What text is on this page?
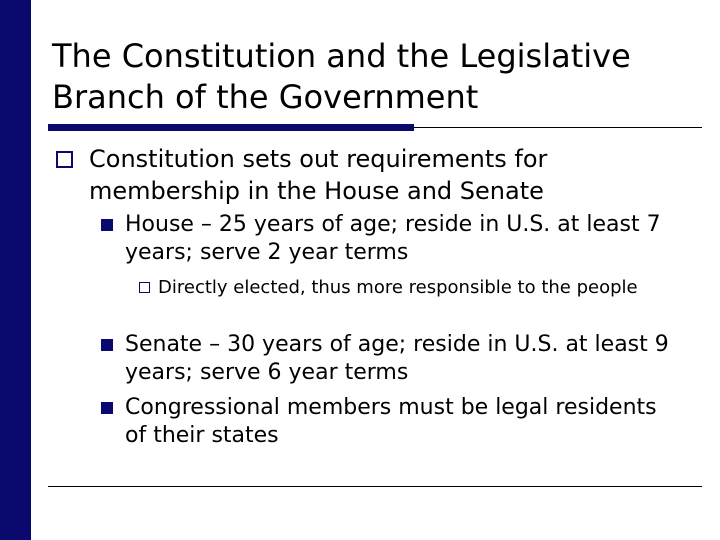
The Constitution and the Legislative
Branch of the Government
Constitution sets out requirements for membership in the House and Senate
House – 25 years of age; reside in U.S. at least 7 years; serve 2 year terms
Directly elected, thus more responsible to the people
Senate – 30 years of age; reside in U.S. at least 9 years; serve 6 year terms
Congressional members must be legal residents of their states
